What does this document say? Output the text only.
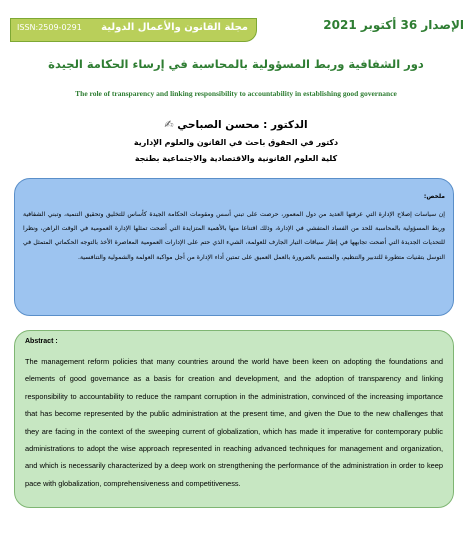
ISSN:2509-0291 مجلة القانون والأعمال الدولية	الإصدار 36 أكتوبر 2021
دور الشفافية وربط المسؤولية بالمحاسبة في إرساء الحكامة الجيدة
The role of transparency and linking responsibility to accountability in establishing good governance
الدكتور : محسن الصباحي ✍
دكتور في الحقوق باحث في القانون والعلوم الإدارية
كلية العلوم القانونية والاقتصادية والاجتماعية بطنجة
ملخص:
إن سياسات إصلاح الإدارة التي عرفتها العديد من دول المعمور، حرصت على تبني أسس ومقومات الحكامة الجيدة كأساس للتخليق وتحقيق التنمية، وتبني الشفافية وربط المسؤولية بالمحاسبة للحد من الفساد المتفشي في الإدارة، وذلك اقتناعا منها بالأهمية المتزايدة التي أضحت تمثلها الإدارة العمومية في الوقت الراهن، ونظرا للتحديات الجديدة التي أضحت تجابهها في إطار سياقات التيار الجارف للعولمة، الشيء الذي حتم على الإدارات العمومية المعاصرة الأخذ بالتوجه الحكماتي المتمثل في التوسل بتقنيات متطورة للتدبير والتنظيم، والمتسم بالضرورة بالعمل العميق على تمتين أداء الإدارة من أجل مواكبة العولمة والشمولية والتنافسية.
Abstract :
The management reform policies that many countries around the world have been keen on adopting the foundations and elements of good governance as a basis for creation and development, and the adoption of transparency and linking responsibility to accountability to reduce the rampant corruption in the administration, convinced of the increasing importance that has become represented by the public administration at the present time, and given the Due to the new challenges that they are facing in the context of the sweeping current of globalization, which has made it imperative for contemporary public administrations to adopt the wise approach represented in reaching advanced techniques for management and organization, and which is necessarily characterized by a deep work on strengthening the performance of the administration in order to keep pace with globalization, comprehensiveness and competitiveness.
